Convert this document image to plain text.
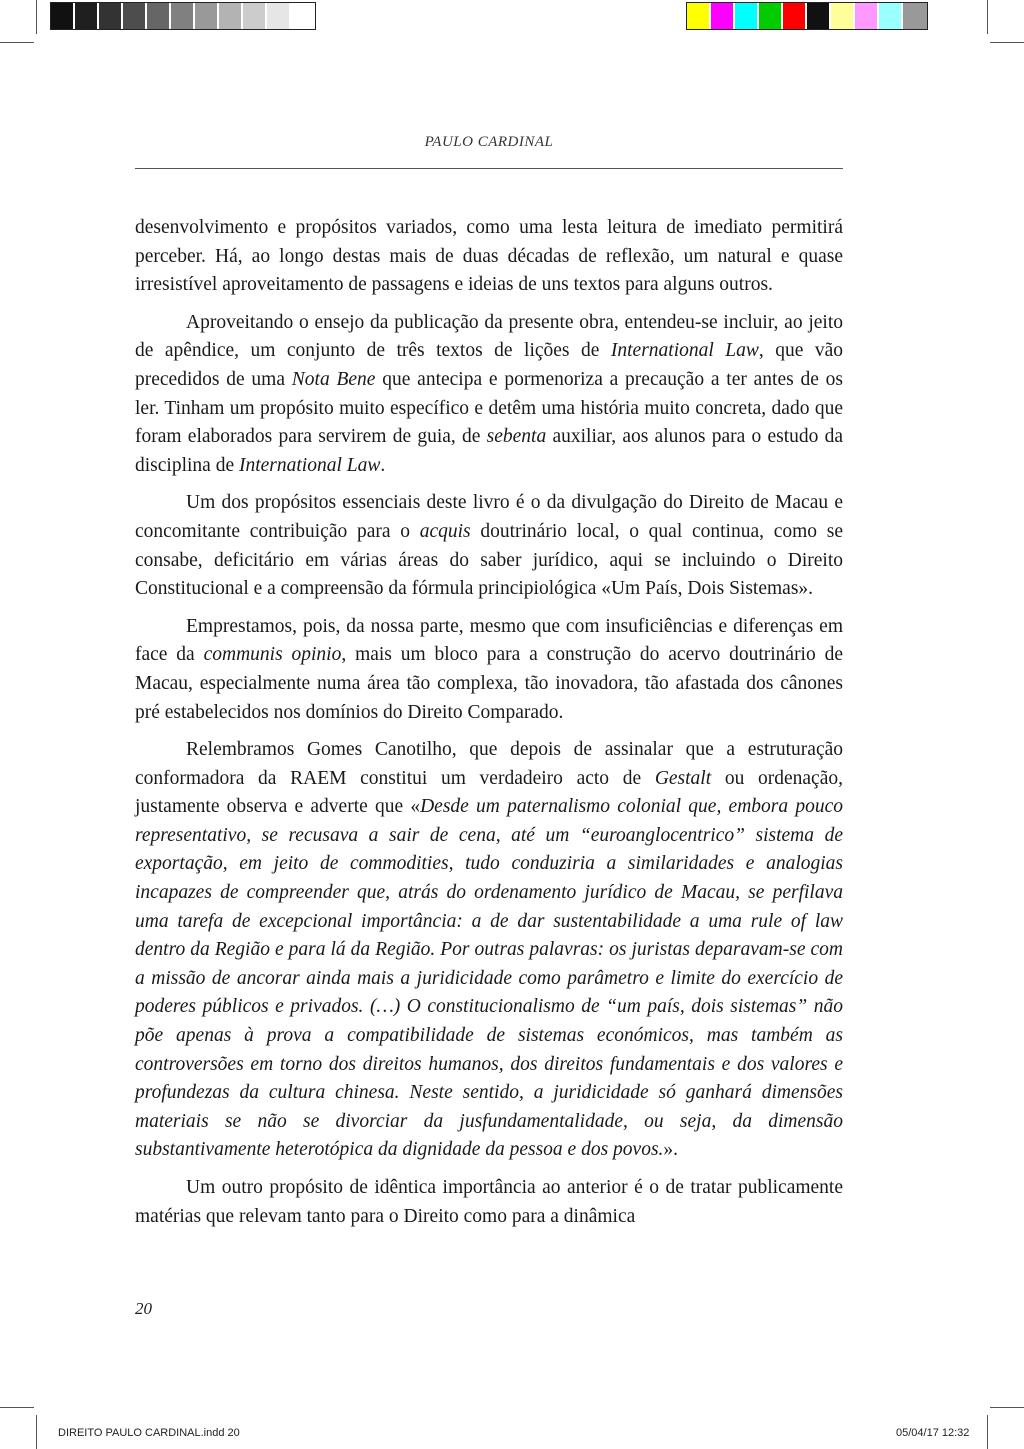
PAULO CARDINAL

desenvolvimento e propósitos variados, como uma lesta leitura de imediato permitirá perceber. Há, ao longo destas mais de duas décadas de reflexão, um natural e quase irresistível aproveitamento de passagens e ideias de uns textos para alguns outros.

Aproveitando o ensejo da publicação da presente obra, entendeu-se incluir, ao jeito de apêndice, um conjunto de três textos de lições de International Law, que vão precedidos de uma Nota Bene que antecipa e pormenoriza a precaução a ter antes de os ler. Tinham um propósito muito específico e detêm uma história muito concreta, dado que foram elaborados para servirem de guia, de sebenta auxiliar, aos alunos para o estudo da disciplina de International Law.

Um dos propósitos essenciais deste livro é o da divulgação do Direito de Macau e concomitante contribuição para o acquis doutrinário local, o qual continua, como se consabe, deficitário em várias áreas do saber jurídico, aqui se incluindo o Direito Constitucional e a compreensão da fórmula principiológica «Um País, Dois Sistemas».

Emprestamos, pois, da nossa parte, mesmo que com insuficiências e diferenças em face da communis opinio, mais um bloco para a construção do acervo doutrinário de Macau, especialmente numa área tão complexa, tão inovadora, tão afastada dos cânones pré estabelecidos nos domínios do Direito Comparado.

Relembramos Gomes Canotilho, que depois de assinalar que a estruturação conformadora da RAEM constitui um verdadeiro acto de Gestalt ou ordenação, justamente observa e adverte que «Desde um paternalismo colonial que, embora pouco representativo, se recusava a sair de cena, até um “euroanglocentrico” sistema de exportação, em jeito de commodities, tudo conduziria a similaridades e analogias incapazes de compreender que, atrás do ordenamento jurídico de Macau, se perfilava uma tarefa de excepcional importância: a de dar sustentabilidade a uma rule of law dentro da Região e para lá da Região. Por outras palavras: os juristas deparavam-se com a missão de ancorar ainda mais a juridicidade como parâmetro e limite do exercício de poderes públicos e privados. (…) O constitucionalismo de “um país, dois sistemas” não põe apenas à prova a compatibilidade de sistemas económicos, mas também as controversões em torno dos direitos humanos, dos direitos fundamentais e dos valores e profundezas da cultura chinesa. Neste sentido, a juridicidade só ganhará dimensões materiais se não se divorciar da jusfundamentalidade, ou seja, da dimensão substantivamente heterotópica da dignidade da pessoa e dos povos.».

Um outro propósito de idêntica importância ao anterior é o de tratar publicamente matérias que relevam tanto para o Direito como para a dinâmica

20
DIREITO PAULO CARDINAL.indd 20	05/04/17 12:32
